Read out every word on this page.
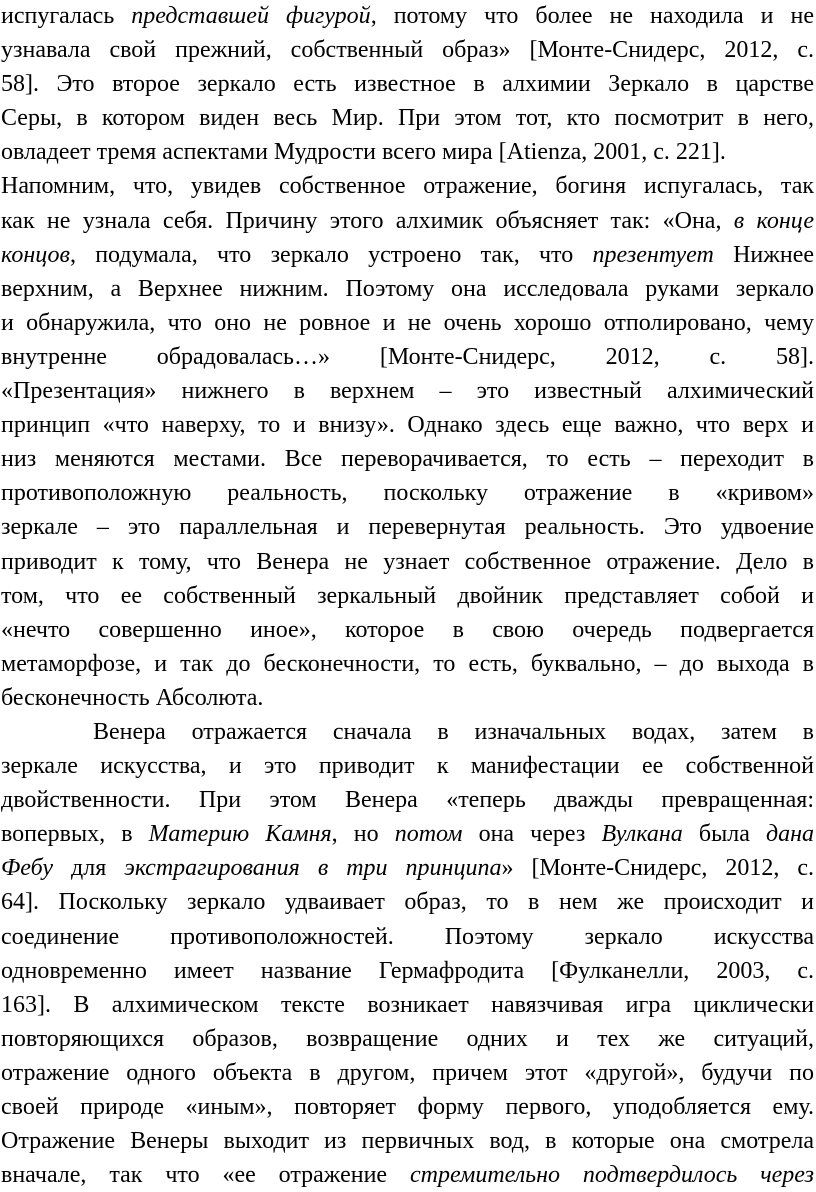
испугалась представшей фигурой, потому что более не находила и не
узнавала свой прежний, собственный образ» [Монте-Снидерс, 2012, с.
58]. Это второе зеркало есть известное в алхимии Зеркало в царстве
Серы, в котором виден весь Мир. При этом тот, кто посмотрит в него,
овладеет тремя аспектами Мудрости всего мира [Atienza, 2001, с. 221].
Напомним, что, увидев собственное отражение, богиня испугалась, так
как не узнала себя. Причину этого алхимик объясняет так: «Она, в конце
концов, подумала, что зеркало устроено так, что презентует Нижнее
верхним, а Верхнее нижним. Поэтому она исследовала руками зеркало
и обнаружила, что оно не ровное и не очень хорошо отполировано, чему
внутренне обрадовалась…» [Монте-Снидерс, 2012, с. 58].
«Презентация» нижнего в верхнем – это известный алхимический
принцип «что наверху, то и внизу». Однако здесь еще важно, что верх и
низ меняются местами. Все переворачивается, то есть – переходит в
противоположную реальность, поскольку отражение в «кривом»
зеркале – это параллельная и перевернутая реальность. Это удвоение
приводит к тому, что Венера не узнает собственное отражение. Дело в
том, что ее собственный зеркальный двойник представляет собой и
«нечто совершенно иное», которое в свою очередь подвергается
метаморфозе, и так до бесконечности, то есть, буквально, – до выхода в
бесконечность Абсолюта.
Венера отражается сначала в изначальных водах, затем в
зеркале искусства, и это приводит к манифестации ее собственной
двойственности. При этом Венера «теперь дважды превращенная:
вопервых, в Материю Камня, но потом она через Вулкана была дана
Фебу для экстрагирования в три принципа» [Монте-Снидерс, 2012, с.
64]. Поскольку зеркало удваивает образ, то в нем же происходит и
соединение противоположностей. Поэтому зеркало искусства
одновременно имеет название Гермафродита [Фулканелли, 2003, с.
163]. В алхимическом тексте возникает навязчивая игра циклически
повторяющихся образов, возвращение одних и тех же ситуаций,
отражение одного объекта в другом, причем этот «другой», будучи по
своей природе «иным», повторяет форму первого, уподобляется ему.
Отражение Венеры выходит из первичных вод, в которые она смотрела
вначале, так что «ее отражение стремительно подтвердилось через
